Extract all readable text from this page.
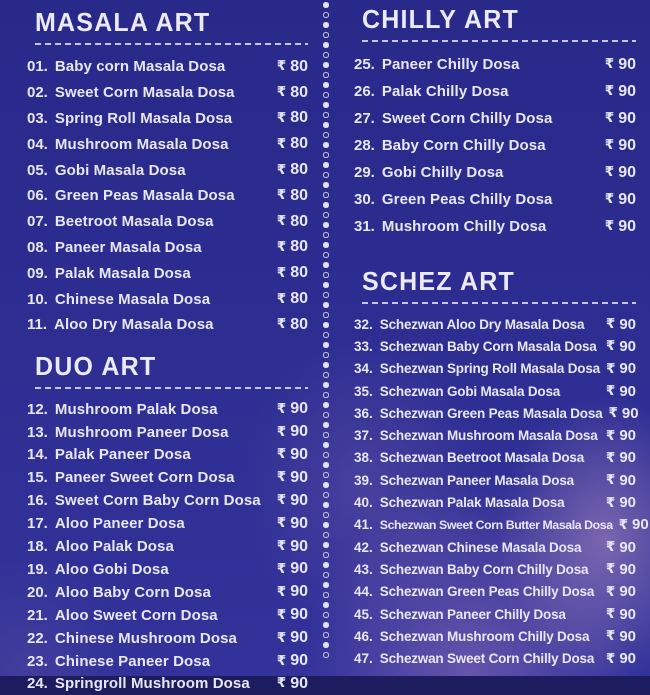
MASALA ART
01. Baby corn Masala Dosa	₹ 80
02. Sweet Corn Masala Dosa	₹ 80
03. Spring Roll Masala Dosa	₹ 80
04. Mushroom Masala Dosa	₹ 80
05. Gobi Masala Dosa	₹ 80
06. Green Peas Masala Dosa	₹ 80
07. Beetroot Masala Dosa	₹ 80
08. Paneer Masala Dosa	₹ 80
09. Palak Masala Dosa	₹ 80
10. Chinese Masala Dosa	₹ 80
11. Aloo Dry Masala Dosa	₹ 80
DUO ART
12. Mushroom Palak Dosa	₹ 90
13. Mushroom Paneer Dosa	₹ 90
14. Palak Paneer Dosa	₹ 90
15. Paneer Sweet Corn Dosa	₹ 90
16. Sweet Corn Baby Corn Dosa	₹ 90
17. Aloo Paneer Dosa	₹ 90
18. Aloo Palak Dosa	₹ 90
19. Aloo Gobi Dosa	₹ 90
20. Aloo Baby Corn Dosa	₹ 90
21. Aloo Sweet Corn Dosa	₹ 90
22. Chinese Mushroom Dosa	₹ 90
23. Chinese Paneer Dosa	₹ 90
24. Springroll Mushroom Dosa	₹ 90
CHILLY ART
25. Paneer Chilly Dosa	₹ 90
26. Palak Chilly Dosa	₹ 90
27. Sweet Corn Chilly Dosa	₹ 90
28. Baby Corn Chilly Dosa	₹ 90
29. Gobi Chilly Dosa	₹ 90
30. Green Peas Chilly Dosa	₹ 90
31. Mushroom Chilly Dosa	₹ 90
SCHEZ ART
32. Schezwan Aloo Dry Masala Dosa	₹ 90
33. Schezwan Baby Corn Masala Dosa ₹ 90
34. Schezwan Spring Roll Masala Dosa ₹ 90
35. Schezwan Gobi Masala Dosa	₹ 90
36. Schezwan Green Peas Masala Dosa ₹ 90
37. Schezwan Mushroom Masala Dosa ₹ 90
38. Schezwan Beetroot Masala Dosa	₹ 90
39. Schezwan Paneer Masala Dosa	₹ 90
40. Schezwan Palak Masala Dosa	₹ 90
41. Schezwan Sweet Corn Butter Masala Dosa ₹ 90
42. Schezwan Chinese Masala Dosa	₹ 90
43. Schezwan Baby Corn Chilly Dosa	₹ 90
44. Schezwan Green Peas Chilly Dosa ₹ 90
45. Schezwan Paneer Chilly Dosa	₹ 90
46. Schezwan Mushroom Chilly Dosa	₹ 90
47. Schezwan Sweet Corn Chilly Dosa ₹ 90
